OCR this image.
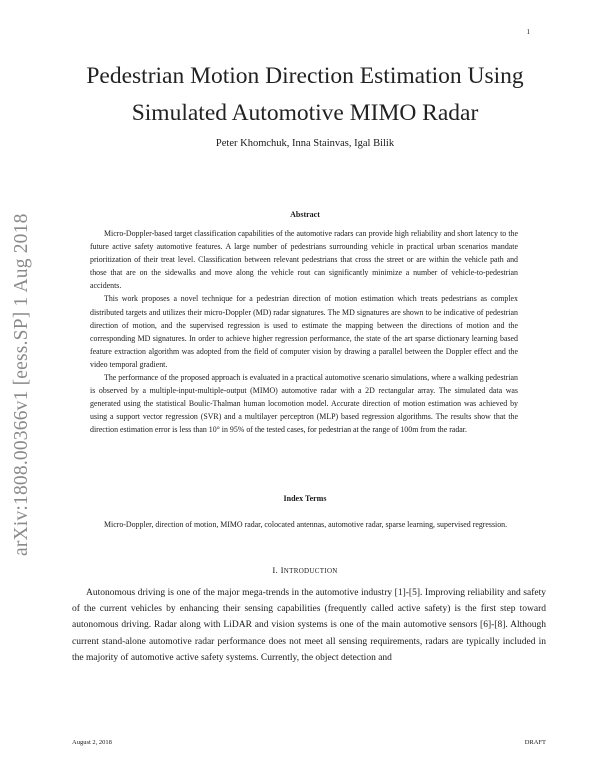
1
arXiv:1808.00366v1 [eess.SP] 1 Aug 2018
Pedestrian Motion Direction Estimation Using
Simulated Automotive MIMO Radar
Peter Khomchuk, Inna Stainvas, Igal Bilik
Abstract

Micro-Doppler-based target classification capabilities of the automotive radars can provide high reliability and short latency to the future active safety automotive features. A large number of pedestrians surrounding vehicle in practical urban scenarios mandate prioritization of their treat level. Classification between relevant pedestrians that cross the street or are within the vehicle path and those that are on the sidewalks and move along the vehicle rout can significantly minimize a number of vehicle-to-pedestrian accidents.

This work proposes a novel technique for a pedestrian direction of motion estimation which treats pedestrians as complex distributed targets and utilizes their micro-Doppler (MD) radar signatures. The MD signatures are shown to be indicative of pedestrian direction of motion, and the supervised regression is used to estimate the mapping between the directions of motion and the corresponding MD signatures. In order to achieve higher regression performance, the state of the art sparse dictionary learning based feature extraction algorithm was adopted from the field of computer vision by drawing a parallel between the Doppler effect and the video temporal gradient.

The performance of the proposed approach is evaluated in a practical automotive scenario simulations, where a walking pedestrian is observed by a multiple-input-multiple-output (MIMO) automotive radar with a 2D rectangular array. The simulated data was generated using the statistical Boulic-Thalman human locomotion model. Accurate direction of motion estimation was achieved by using a support vector regression (SVR) and a multilayer perceptron (MLP) based regression algorithms. The results show that the direction estimation error is less than 10° in 95% of the tested cases, for pedestrian at the range of 100m from the radar.

Index Terms
Micro-Doppler, direction of motion, MIMO radar, colocated antennas, automotive radar, sparse learning, supervised regression.
I. INTRODUCTION

Autonomous driving is one of the major mega-trends in the automotive industry [1]-[5]. Improving reliability and safety of the current vehicles by enhancing their sensing capabilities (frequently called active safety) is the first step toward autonomous driving. Radar along with LiDAR and vision systems is one of the main automotive sensors [6]-[8]. Although current stand-alone automotive radar performance does not meet all sensing requirements, radars are typically included in the majority of automotive active safety systems. Currently, the object detection and

August 2, 2018	DRAFT
